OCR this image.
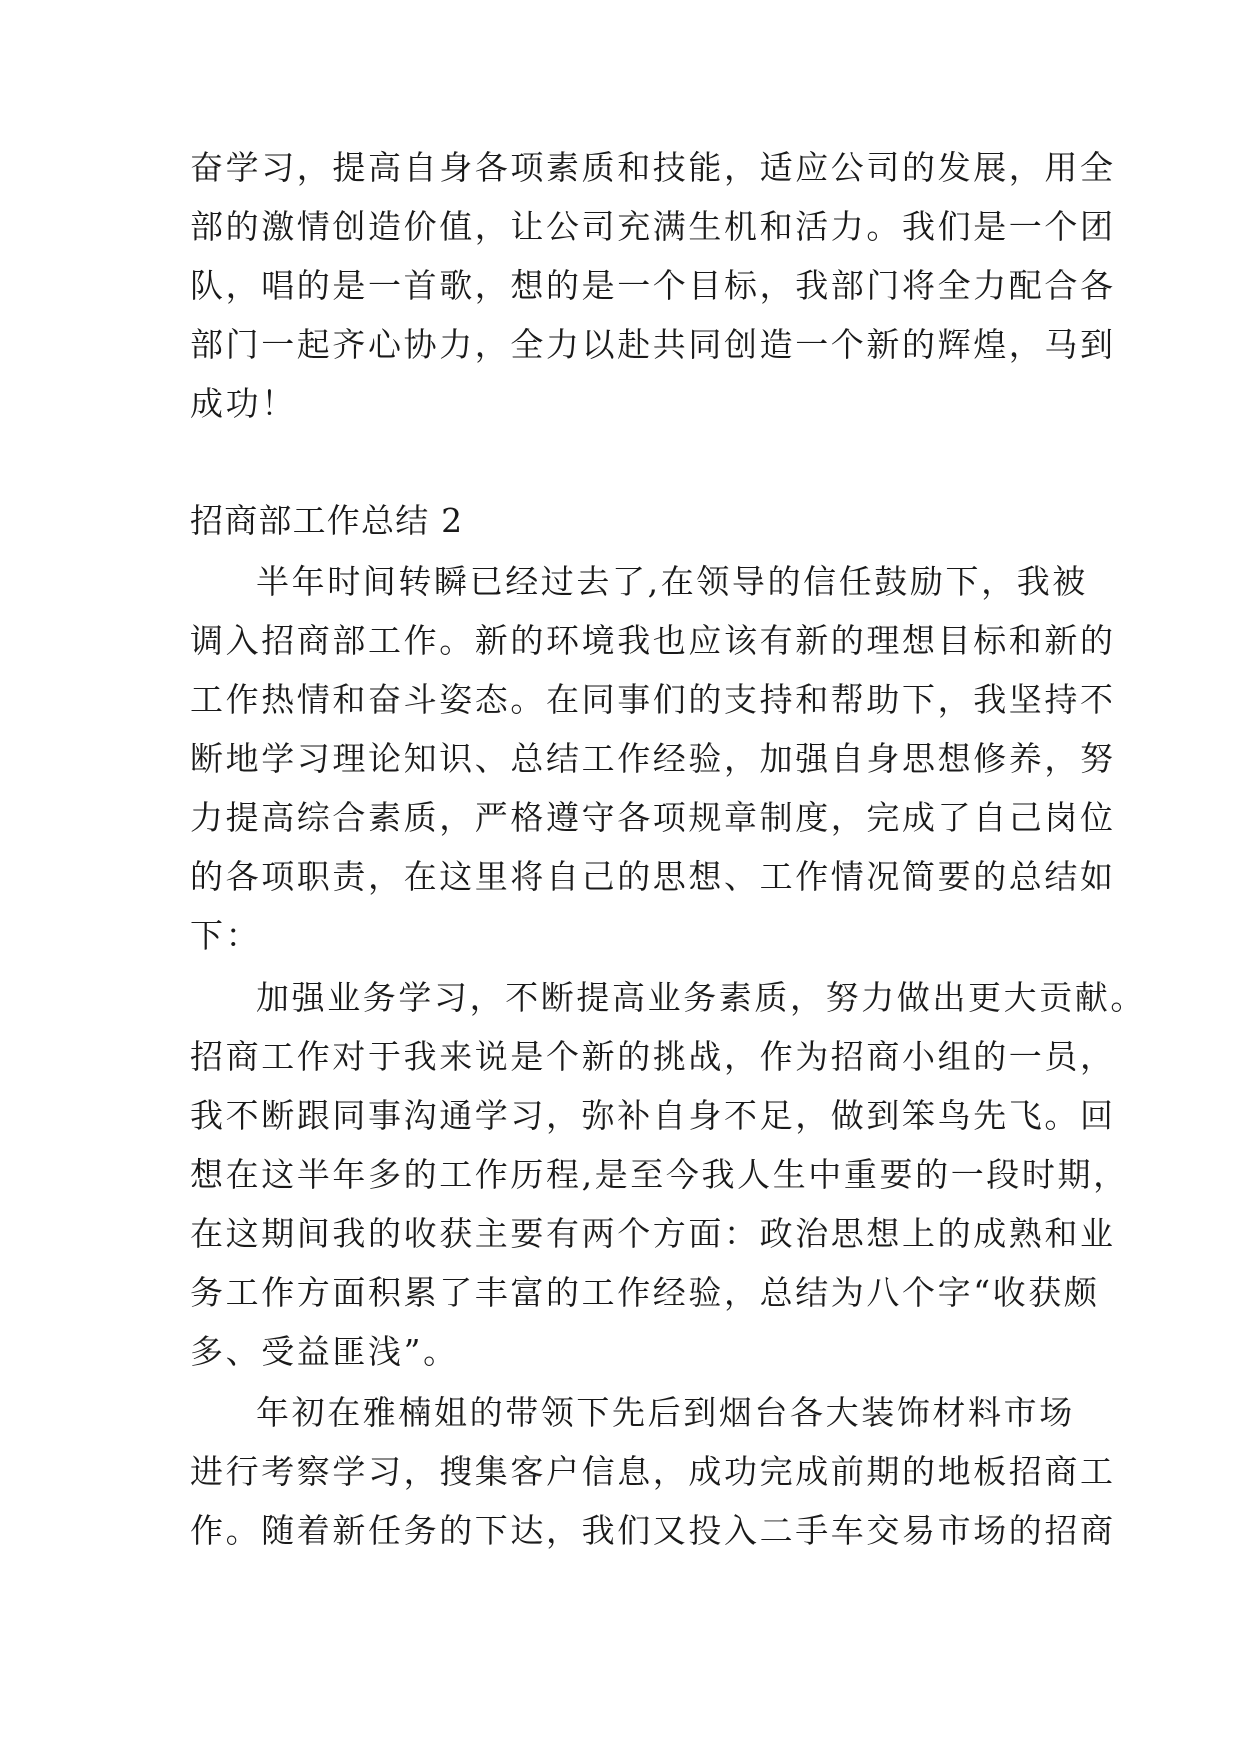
奋学习，提高自身各项素质和技能，适应公司的发展，用全
部的激情创造价值，让公司充满生机和活力。我们是一个团
队，唱的是一首歌，想的是一个目标，我部门将全力配合各
部门一起齐心协力，全力以赴共同创造一个新的辉煌，马到
成功！
招商部工作总结 2
半年时间转瞬已经过去了,在领导的信任鼓励下，我被
调入招商部工作。新的环境我也应该有新的理想目标和新的
工作热情和奋斗姿态。在同事们的支持和帮助下，我坚持不
断地学习理论知识、总结工作经验，加强自身思想修养，努
力提高综合素质，严格遵守各项规章制度，完成了自己岗位
的各项职责，在这里将自己的思想、工作情况简要的总结如
下：
加强业务学习，不断提高业务素质，努力做出更大贡献。
招商工作对于我来说是个新的挑战，作为招商小组的一员，
我不断跟同事沟通学习，弥补自身不足，做到笨鸟先飞。回
想在这半年多的工作历程,是至今我人生中重要的一段时期，
在这期间我的收获主要有两个方面：政治思想上的成熟和业
务工作方面积累了丰富的工作经验，总结为八个字“收获颇
多、受益匪浅”。
年初在雅楠姐的带领下先后到烟台各大装饰材料市场
进行考察学习，搜集客户信息，成功完成前期的地板招商工
作。随着新任务的下达，我们又投入二手车交易市场的招商
